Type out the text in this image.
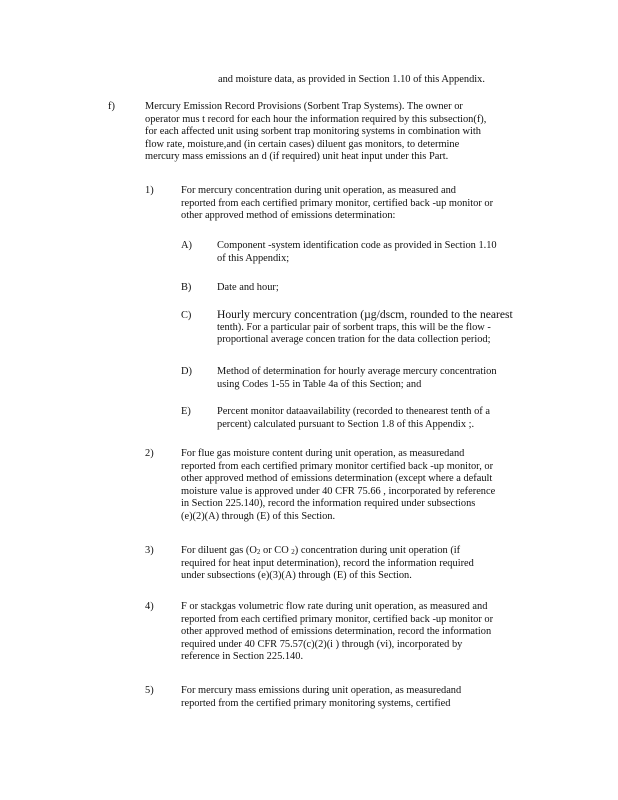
and moisture data, as provided in Section 1.10 of this Appendix.
f)	Mercury Emission Record Provisions (Sorbent Trap Systems). The owner or
operator mus t record for each hour the information required by this subsection(f),
for each affected unit using sorbent trap monitoring systems in combination with
flow rate, moisture,and (in certain cases) diluent gas monitors, to determine
mercury mass emissions an d (if required) unit heat input under this Part.
1)	For mercury concentration during unit operation, as measured and
reported from each certified primary monitor, certified back -up monitor or
other approved method of emissions determination:
A) Component -system identification code as provided in Section 1.10
of this Appendix;
B) Date and hour;
C) Hourly mercury concentration (µg/dscm, rounded to the nearest
tenth). For a particular pair of sorbent traps, this will be the flow -
proportional average concen tration for the data collection period;
D) Method of determination for hourly average mercury concentration
using Codes 1-55 in Table 4a of this Section; and
E)	Percent monitor dataavailability (recorded to thenearest tenth of a
percent) calculated pursuant to Section 1.8 of this Appendix ;.
2)	For flue gas moisture content during unit operation, as measuredand
reported from each certified primary monitor certified back -up monitor, or
other approved method of emissions determination (except where a default
moisture value is approved under 40 CFR 75.66 , incorporated by reference
in Section 225.140), record the information required under subsections
(e)(2)(A) through (E) of this Section.
3)	For diluent gas ($O_2$ or CO $_2$) concentration during unit operation (if
required for heat input determination), record the information required
under subsections (e)(3)(A) through (E) of this Section.
4)	F or stackgas volumetric flow rate during unit operation, as measured and
reported from each certified primary monitor, certified back -up monitor or
other approved method of emissions determination, record the information
required under 40 CFR 75.57(c)(2)(i ) through (vi), incorporated by
reference in Section 225.140.
5)	For mercury mass emissions during unit operation, as measuredand
reported from the certified primary monitoring systems, certified
